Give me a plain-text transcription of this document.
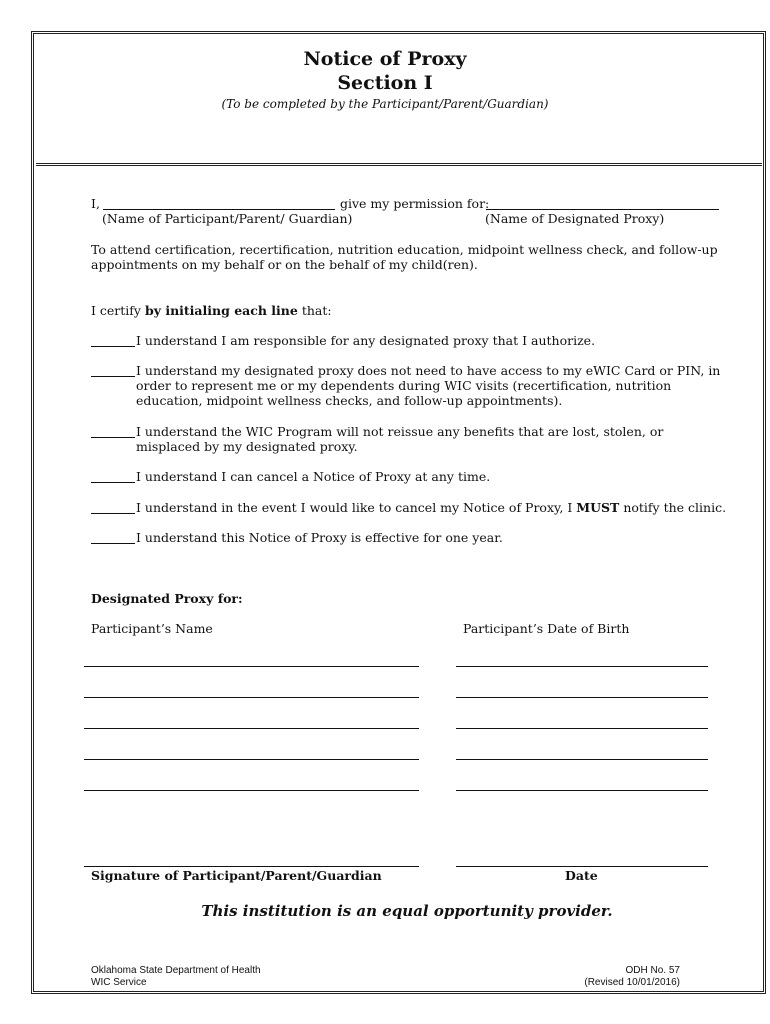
Notice of Proxy
Section I
(To be completed by the Participant/Parent/Guardian)
I,	give my permission for:
(Name of Participant/Parent/ Guardian)	(Name of Designated Proxy)
To attend certification, recertification, nutrition education, midpoint wellness check, and follow-up appointments on my behalf or on the behalf of my child(ren).
I certify by initialing each line that:
I understand I am responsible for any designated proxy that I authorize.
I understand my designated proxy does not need to have access to my eWIC Card or PIN, in order to represent me or my dependents during WIC visits (recertification, nutrition education, midpoint wellness checks, and follow-up appointments).
I understand the WIC Program will not reissue any benefits that are lost, stolen, or misplaced by my designated proxy.
I understand I can cancel a Notice of Proxy at any time.
I understand in the event I would like to cancel my Notice of Proxy, I MUST notify the clinic.
I understand this Notice of Proxy is effective for one year.
Designated Proxy for:
Participant’s Name	Participant’s Date of Birth
Signature of Participant/Parent/Guardian	Date
This institution is an equal opportunity provider.
Oklahoma State Department of Health
WIC Service
ODH No. 57
(Revised 10/01/2016)
